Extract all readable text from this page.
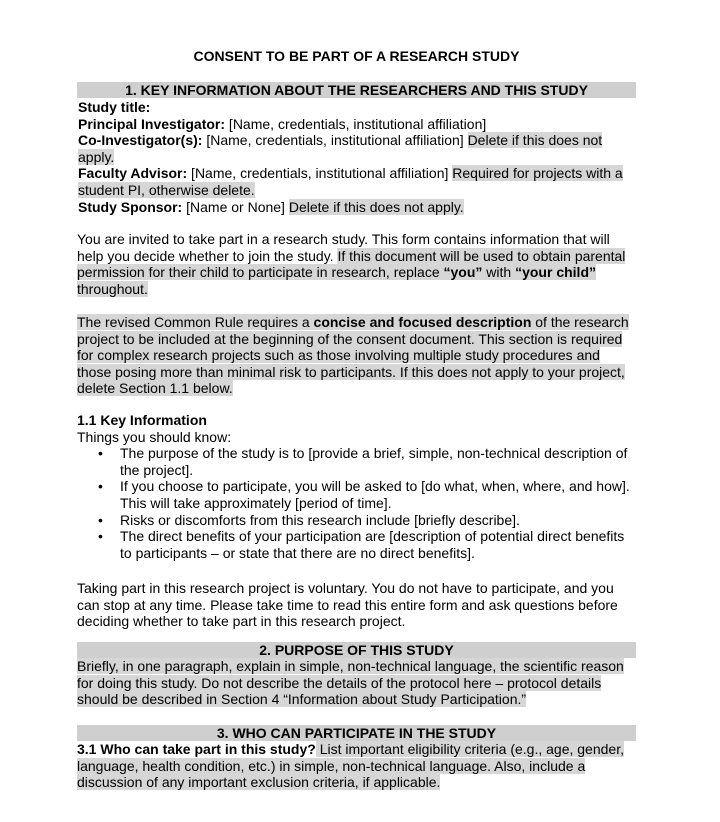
CONSENT TO BE PART OF A RESEARCH STUDY
1. KEY INFORMATION ABOUT THE RESEARCHERS AND THIS STUDY

Study title:

Principal Investigator: [Name, credentials, institutional affiliation]

Co-Investigator(s): [Name, credentials, institutional affiliation] Delete if this does not apply.

Faculty Advisor: [Name, credentials, institutional affiliation] Required for projects with a student PI, otherwise delete.

Study Sponsor: [Name or None] Delete if this does not apply.

You are invited to take part in a research study. This form contains information that will help you decide whether to join the study. If this document will be used to obtain parental permission for their child to participate in research, replace “you” with “your child” throughout.
The revised Common Rule requires a concise and focused description of the research project to be included at the beginning of the consent document. This section is required for complex research projects such as those involving multiple study procedures and those posing more than minimal risk to participants. If this does not apply to your project, delete Section 1.1 below.

1.1 Key Information

Things you should know:

• The purpose of the study is to [provide a brief, simple, non-technical description of the project].
• If you choose to participate, you will be asked to [do what, when, where, and how]. This will take approximately [period of time].
• Risks or discomforts from this research include [briefly describe].
• The direct benefits of your participation are [description of potential direct benefits to participants – or state that there are no direct benefits].
Taking part in this research project is voluntary. You do not have to participate, and you can stop at any time. Please take time to read this entire form and ask questions before deciding whether to take part in this research project.
2. PURPOSE OF THIS STUDY
Briefly, in one paragraph, explain in simple, non-technical language, the scientific reason for doing this study. Do not describe the details of the protocol here – protocol details should be described in Section 4 “Information about Study Participation.”
3. WHO CAN PARTICIPATE IN THE STUDY
3.1 Who can take part in this study? List important eligibility criteria (e.g., age, gender, language, health condition, etc.) in simple, non-technical language. Also, include a discussion of any important exclusion criteria, if applicable.
